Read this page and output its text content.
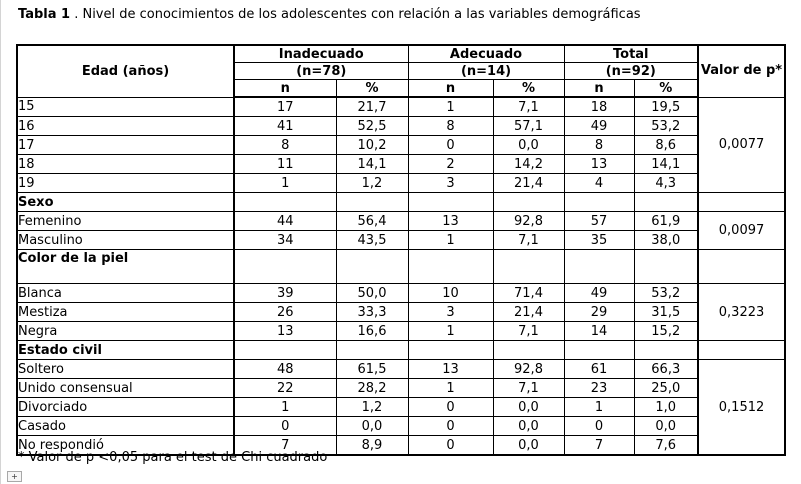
Tabla 1 . Nivel de conocimientos de los adolescentes con relación a las variables demográficas
Edad (años)	Inadecuado		Adecuado		Total		Valor de p*
	(n=78)		(n=14)		(n=92)		
	n	%	n	%	n	%	
15	17	21,7	1	7,1	18	19,5	0,0077
16	41	52,5	8	57,1	49	53,2	
17	8	10,2	0	0,0	8	8,6	
18	11	14,1	2	14,2	13	14,1	
19	1	1,2	3	21,4	4	4,3	
Sexo							
Femenino	44	56,4	13	92,8	57	61,9	0,0097
Masculino	34	43,5	1	7,1	35	38,0	
Color de la piel							
Blanca	39	50,0	10	71,4	49	53,2	0,3223
Mestiza	26	33,3	3	21,4	29	31,5	
Negra	13	16,6	1	7,1	14	15,2	
Estado civil							
Soltero	48	61,5	13	92,8	61	66,3	0,1512
Unido consensual	22	28,2	1	7,1	23	25,0	
Divorciado	1	1,2	0	0,0	1	1,0	
Casado	0	0,0	0	0,0	0	0,0	
No respondió	7	8,9	0	0,0	7	7,6	
* Valor de p <0,05 para el test de Chi cuadrado
+
